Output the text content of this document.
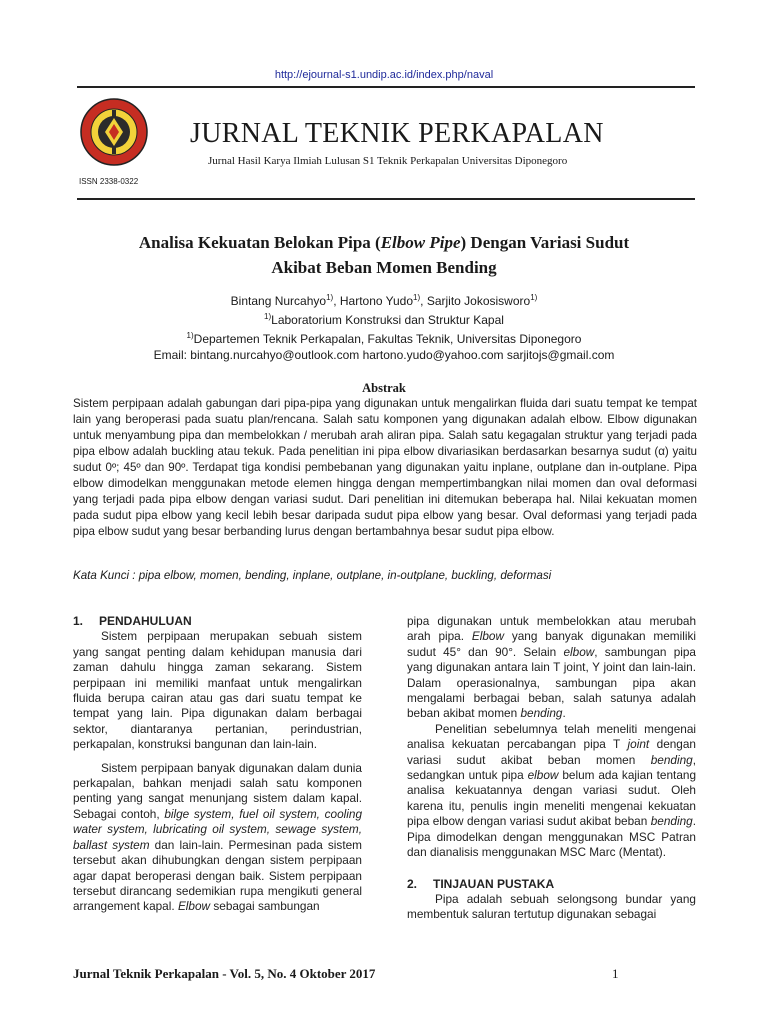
http://ejournal-s1.undip.ac.id/index.php/naval
ISSN 2338-0322
JURNAL TEKNIK PERKAPALAN
Jurnal Hasil Karya Ilmiah Lulusan S1 Teknik Perkapalan Universitas Diponegoro
Analisa Kekuatan Belokan Pipa (Elbow Pipe) Dengan Variasi Sudut
Akibat Beban Momen Bending
Bintang Nurcahyo$^{1)}$, Hartono Yudo$^{1)}$, Sarjito Jokosisworo$^{1)}$
$^{1)}$Laboratorium Konstruksi dan Struktur Kapal
$^{1)}$Departemen Teknik Perkapalan, Fakultas Teknik, Universitas Diponegoro
Email: bintang.nurcahyo@outlook.com hartono.yudo@yahoo.com sarjitojs@gmail.com
Abstrak
Sistem perpipaan adalah gabungan dari pipa-pipa yang digunakan untuk mengalirkan fluida dari suatu tempat ke tempat lain yang beroperasi pada suatu plan/rencana. Salah satu komponen yang digunakan adalah elbow. Elbow digunakan untuk menyambung pipa dan membelokkan / merubah arah aliran pipa. Salah satu kegagalan struktur yang terjadi pada pipa elbow adalah buckling atau tekuk. Pada penelitian ini pipa elbow divariasikan berdasarkan besarnya sudut (α) yaitu sudut 0º; 45º dan 90º. Terdapat tiga kondisi pembebanan yang digunakan yaitu inplane, outplane dan in-outplane. Pipa elbow dimodelkan menggunakan metode elemen hingga dengan mempertimbangkan nilai momen dan oval deformasi yang terjadi pada pipa elbow dengan variasi sudut. Dari penelitian ini ditemukan beberapa hal. Nilai kekuatan momen pada sudut pipa elbow yang kecil lebih besar daripada sudut pipa elbow yang besar. Oval deformasi yang terjadi pada pipa elbow sudut yang besar berbanding lurus dengan bertambahnya besar sudut pipa elbow.
Kata Kunci : pipa elbow, momen, bending, inplane, outplane, in-outplane, buckling, deformasi
1. PENDAHULUAN

Sistem perpipaan merupakan sebuah sistem yang sangat penting dalam kehidupan manusia dari zaman dahulu hingga zaman sekarang. Sistem perpipaan ini memiliki manfaat untuk mengalirkan fluida berupa cairan atau gas dari suatu tempat ke tempat yang lain. Pipa digunakan dalam berbagai sektor, diantaranya pertanian, perindustrian, perkapalan, konstruksi bangunan dan lain-lain.

Sistem perpipaan banyak digunakan dalam dunia perkapalan, bahkan menjadi salah satu komponen penting yang sangat menunjang sistem dalam kapal. Sebagai contoh, bilge system, fuel oil system, cooling water system, lubricating oil system, sewage system, ballast system dan lain-lain. Permesinan pada sistem tersebut akan dihubungkan dengan sistem perpipaan agar dapat beroperasi dengan baik. Sistem perpipaan tersebut dirancang sedemikian rupa mengikuti general arrangement kapal. Elbow sebagai sambungan

pipa digunakan untuk membelokkan atau merubah arah pipa. Elbow yang banyak digunakan memiliki sudut 45° dan 90°. Selain elbow, sambungan pipa yang digunakan antara lain T joint, Y joint dan lain-lain. Dalam operasionalnya, sambungan pipa akan mengalami berbagai beban, salah satunya adalah beban akibat momen bending.

Penelitian sebelumnya telah meneliti mengenai analisa kekuatan percabangan pipa T joint dengan variasi sudut akibat beban momen bending, sedangkan untuk pipa elbow belum ada kajian tentang analisa kekuatannya dengan variasi sudut. Oleh karena itu, penulis ingin meneliti mengenai kekuatan pipa elbow dengan variasi sudut akibat beban bending. Pipa dimodelkan dengan menggunakan MSC Patran dan dianalisis menggunakan MSC Marc (Mentat).

2. TINJAUAN PUSTAKA

Pipa adalah sebuah selongsong bundar yang membentuk saluran tertutup digunakan sebagai

Jurnal Teknik Perkapalan - Vol. 5, No. 4 Oktober 2017	1
